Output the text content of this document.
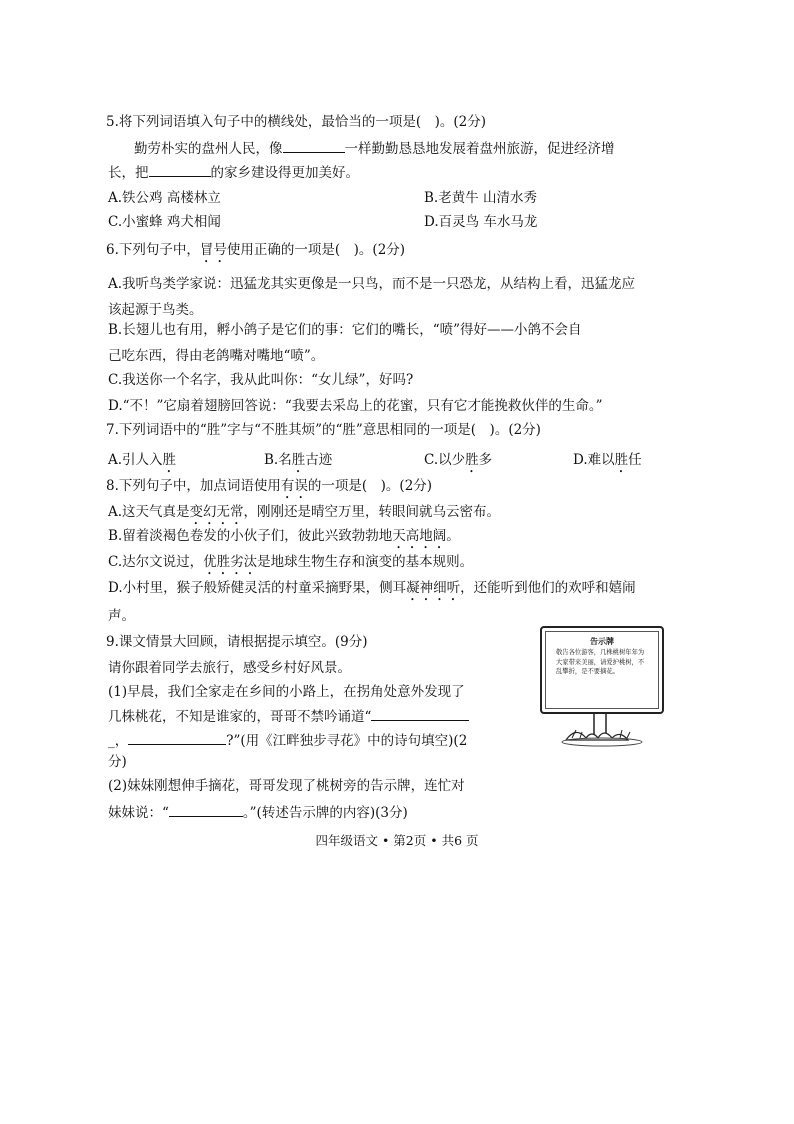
5.将下列词语填入句子中的横线处，最恰当的一项是(　)。(2分)
勤劳朴实的盘州人民，像	一样勤勤恳恳地发展着盘州旅游，促进经济增
长，把	的家乡建设得更加美好。
A.铁公鸡 高楼林立	B.老黄牛 山清水秀
C.小蜜蜂 鸡犬相闻	D.百灵鸟 车水马龙
6.下列句子中，冒号使用正确的一项是(　)。(2分)
A.我听鸟类学家说：迅猛龙其实更像是一只鸟，而不是一只恐龙，从结构上看，迅猛龙应
该起源于鸟类。
B.长翅儿也有用，孵小鸽子是它们的事：它们的嘴长，“喷”得好——小鸽不会自
己吃东西，得由老鸽嘴对嘴地“喷”。
C.我送你一个名字，我从此叫你：“女儿绿”，好吗?
D.“不！”它扇着翅膀回答说：“我要去采岛上的花蜜，只有它才能挽救伙伴的生命。”
7.下列词语中的“胜”字与“不胜其烦”的“胜”意思相同的一项是(　)。(2分)
A.引人入胜	B.名胜古迹	C.以少胜多	D.难以胜任
8.下列句子中，加点词语使用有误的一项是(　)。(2分)
A.这天气真是变幻无常，刚刚还是晴空万里，转眼间就乌云密布。
B.留着淡褐色卷发的小伙子们，彼此兴致勃勃地天高地阔。
C.达尔文说过，优胜劣汰是地球生物生存和演变的基本规则。
D.小村里，猴子般矫健灵活的村童采摘野果，侧耳凝神细听，还能听到他们的欢呼和嬉闹
声。
9.课文情景大回顾，请根据提示填空。(9分)
请你跟着同学去旅行，感受乡村好风景。
(1)早晨，我们全家走在乡间的小路上，在拐角处意外发现了
几株桃花，不知是谁家的，哥哥不禁吟诵道“
_，	?”(用《江畔独步寻花》中的诗句填空)(2
分)
(2)妹妹刚想伸手摘花，哥哥发现了桃树旁的告示牌，连忙对
妹妹说：“	。”(转述告示牌的内容)(3分)
告示牌
敬告各位游客，几株桃树年年为大家带来美丽，请爱护桃树，不乱攀折，是不要摘花。
四年级语文 • 第2页 • 共6 页
